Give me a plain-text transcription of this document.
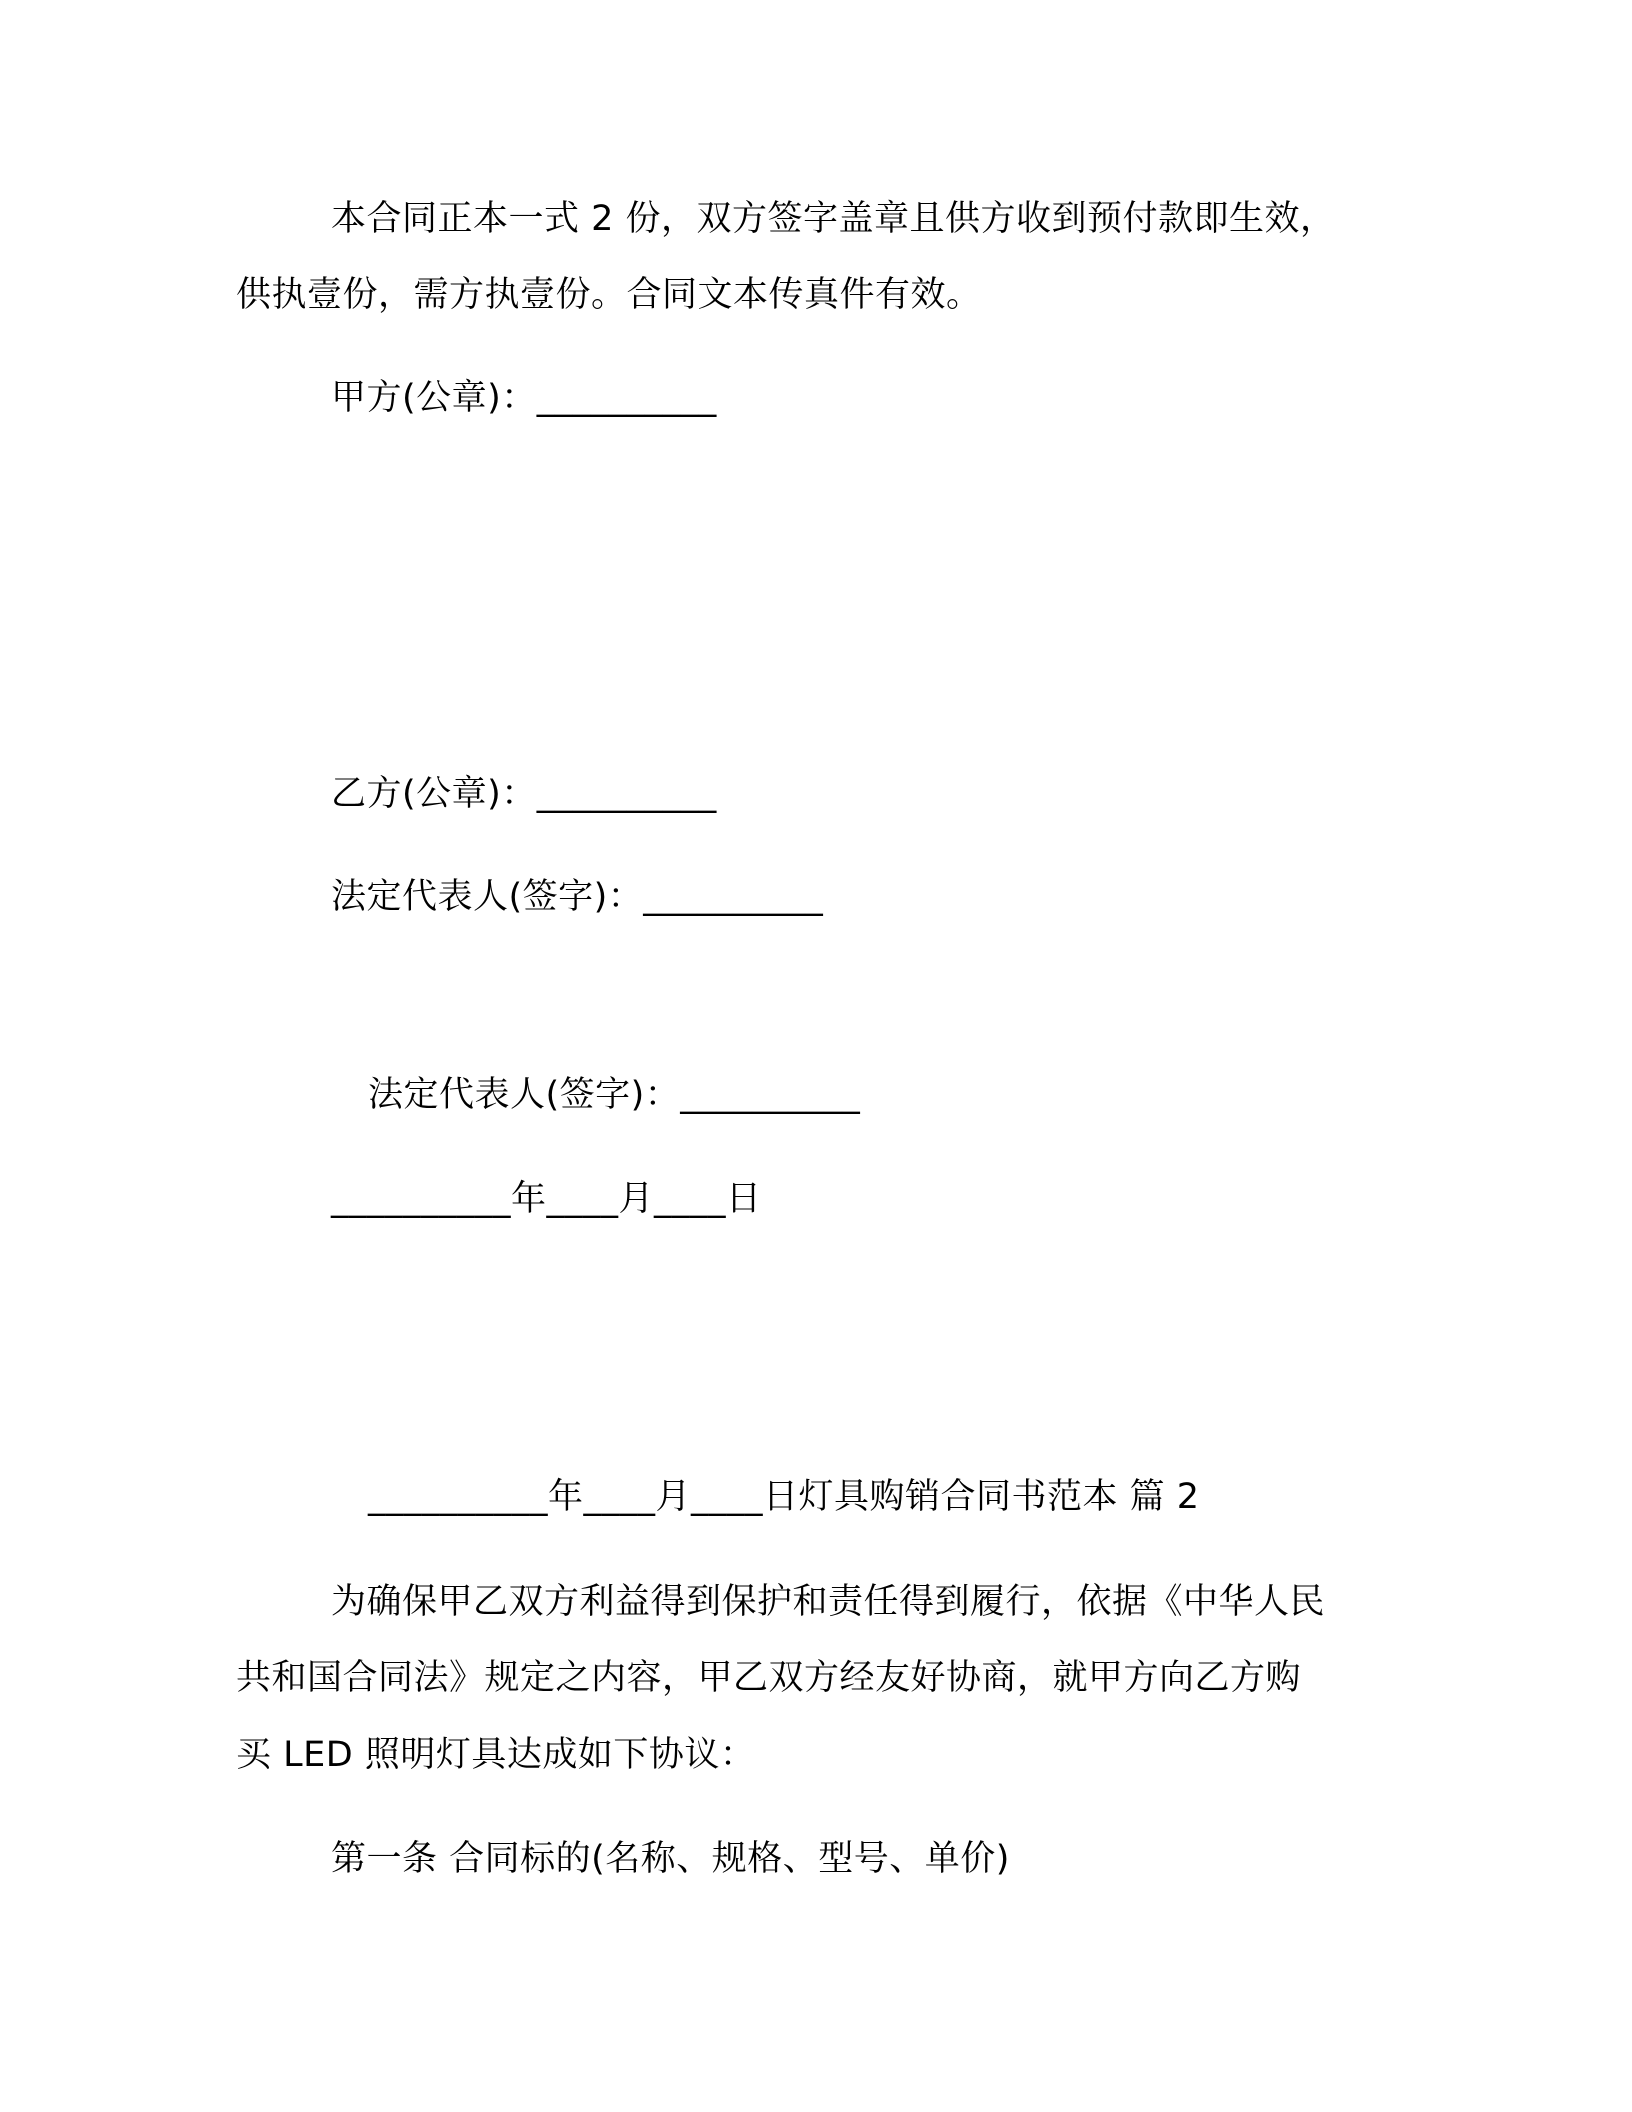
本合同正本一式 2 份，双方签字盖章且供方收到预付款即生效，
供执壹份，需方执壹份。合同文本传真件有效。
甲方(公章)：__________
乙方(公章)：__________
法定代表人(签字)：__________
法定代表人(签字)：__________
__________年____月____日
__________年____月____日灯具购销合同书范本 篇 2
为确保甲乙双方利益得到保护和责任得到履行，依据《中华人民
共和国合同法》规定之内容，甲乙双方经友好协商，就甲方向乙方购
买 LED 照明灯具达成如下协议：
第一条 合同标的(名称、规格、型号、单价)
